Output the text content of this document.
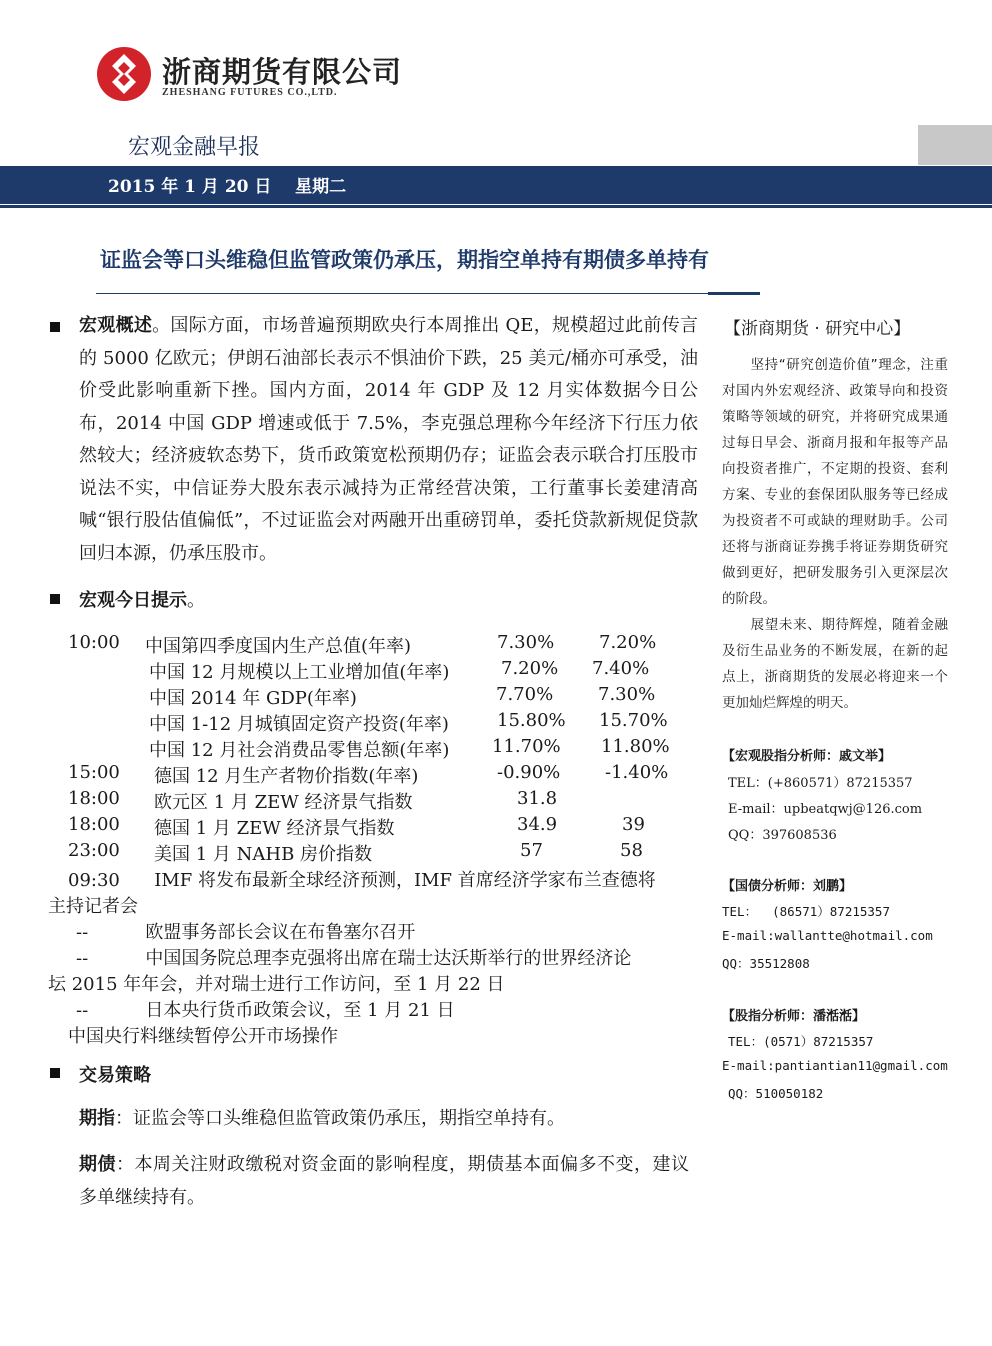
浙商期货有限公司
ZHESHANG FUTURES CO.,LTD.
宏观金融早报
2015 年 1 月 20 日    星期二
证监会等口头维稳但监管政策仍承压，期指空单持有期债多单持有
宏观概述。国际方面，市场普遍预期欧央行本周推出 QE，规模超过此前传言的 5000 亿欧元；伊朗石油部长表示不惧油价下跌，25 美元/桶亦可承受，油价受此影响重新下挫。国内方面，2014 年 GDP 及 12 月实体数据今日公布，2014 中国 GDP 增速或低于 7.5%，李克强总理称今年经济下行压力依然较大；经济疲软态势下，货币政策宽松预期仍存；证监会表示联合打压股市说法不实，中信证券大股东表示减持为正常经营决策，工行董事长姜建清高喊“银行股估值偏低”，不过证监会对两融开出重磅罚单，委托贷款新规促贷款回归本源，仍承压股市。
宏观今日提示。
10:00 中国第四季度国内生产总值(年率)	7.30% 7.20%
中国 12 月规模以上工业增加值(年率)	7.20% 7.40%
中国 2014 年 GDP(年率)	7.70% 7.30%
中国 1-12 月城镇固定资产投资(年率)	15.80% 15.70%
中国 12 月社会消费品零售总额(年率) 11.70% 11.80%
15:00 德国 12 月生产者物价指数(年率)	-0.90% -1.40%
18:00 欧元区 1 月 ZEW 经济景气指数	31.8
18:00 德国 1 月 ZEW 经济景气指数	34.9	39
23:00 美国 1 月 NAHB 房价指数	57	58
09:30      IMF 将发布最新全球经济预测，IMF 首席经济学家布兰查德将
主持记者会
--          欧盟事务部长会议在布鲁塞尔召开
--          中国国务院总理李克强将出席在瑞士达沃斯举行的世界经济论
坛 2015 年年会，并对瑞士进行工作访问，至 1 月 22 日
--          日本央行货币政策会议，至 1 月 21 日
中国央行料继续暂停公开市场操作
交易策略
期指：证监会等口头维稳但监管政策仍承压，期指空单持有。
期债：本周关注财政缴税对资金面的影响程度，期债基本面偏多不变，建议多单继续持有。
【浙商期货 · 研究中心】
坚持“研究创造价值”理念，注重对国内外宏观经济、政策导向和投资策略等领域的研究，并将研究成果通过每日早会、浙商月报和年报等产品向投资者推广，不定期的投资、套利方案、专业的套保团队服务等已经成为投资者不可或缺的理财助手。公司还将与浙商证券携手将证券期货研究做到更好，把研发服务引入更深层次的阶段。
展望未来、期待辉煌，随着金融及衍生品业务的不断发展，在新的起点上，浙商期货的发展必将迎来一个更加灿烂辉煌的明天。
【宏观股指分析师：戚文举】
TEL：(+860571）87215357
E-mail：upbeatqwj@126.com
QQ：397608536
【国债分析师：刘鹏】
TEL：  (86571）87215357
E-mail:wallantte@hotmail.com
QQ：35512808
【股指分析师：潘湉湉】
TEL：(0571）87215357
E-mail:pantiantian11@gmail.com
QQ：510050182
